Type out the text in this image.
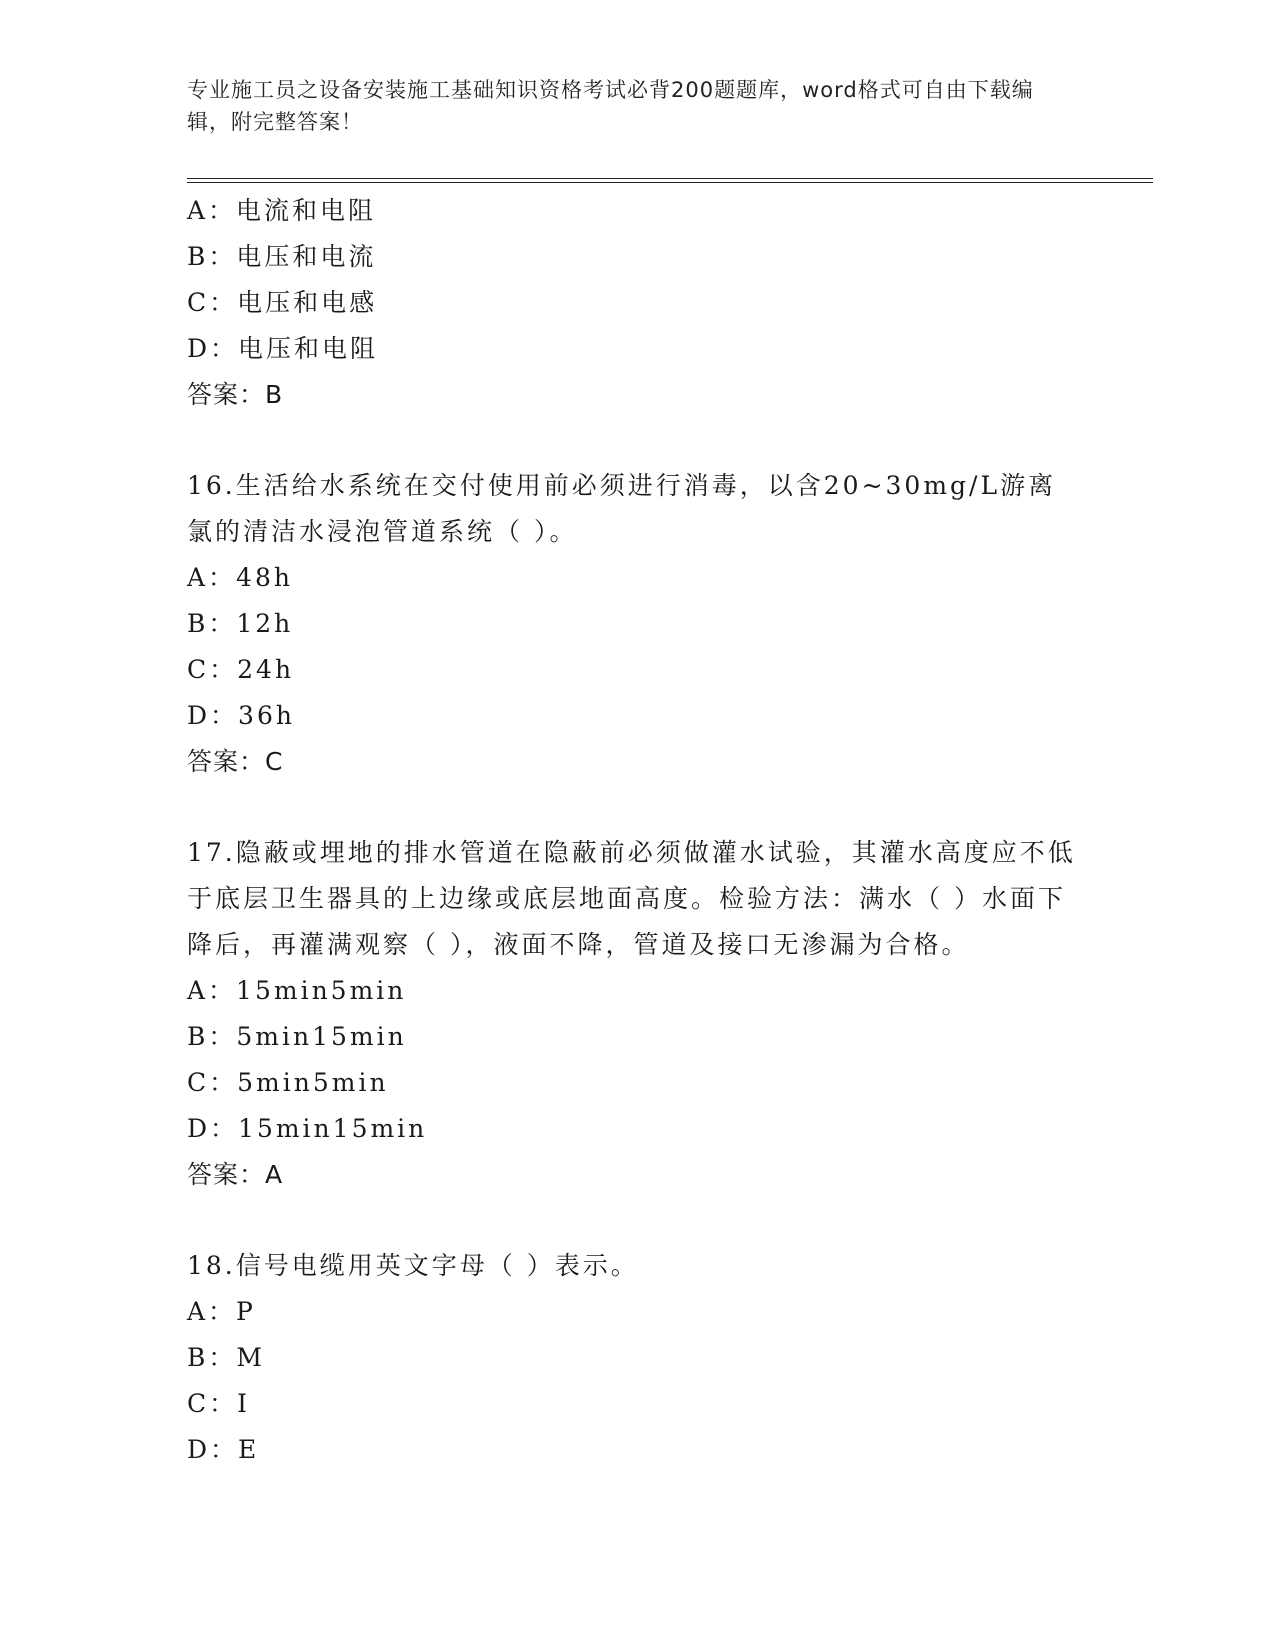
专业施工员之设备安装施工基础知识资格考试必背200题题库，word格式可自由下载编辑，附完整答案！
A：电流和电阻
B：电压和电流
C：电压和电感
D：电压和电阻
答案：B
16.生活给水系统在交付使用前必须进行消毒，以含20~30mg/L游离氯的清洁水浸泡管道系统（ ）。
A：48h
B：12h
C：24h
D：36h
答案：C
17.隐蔽或埋地的排水管道在隐蔽前必须做灌水试验，其灌水高度应不低于底层卫生器具的上边缘或底层地面高度。检验方法：满水（ ）水面下降后，再灌满观察（ ），液面不降，管道及接口无渗漏为合格。
A：15min5min
B：5min15min
C：5min5min
D：15min15min
答案：A
18.信号电缆用英文字母（ ）表示。
A：P
B：M
C：I
D：E
